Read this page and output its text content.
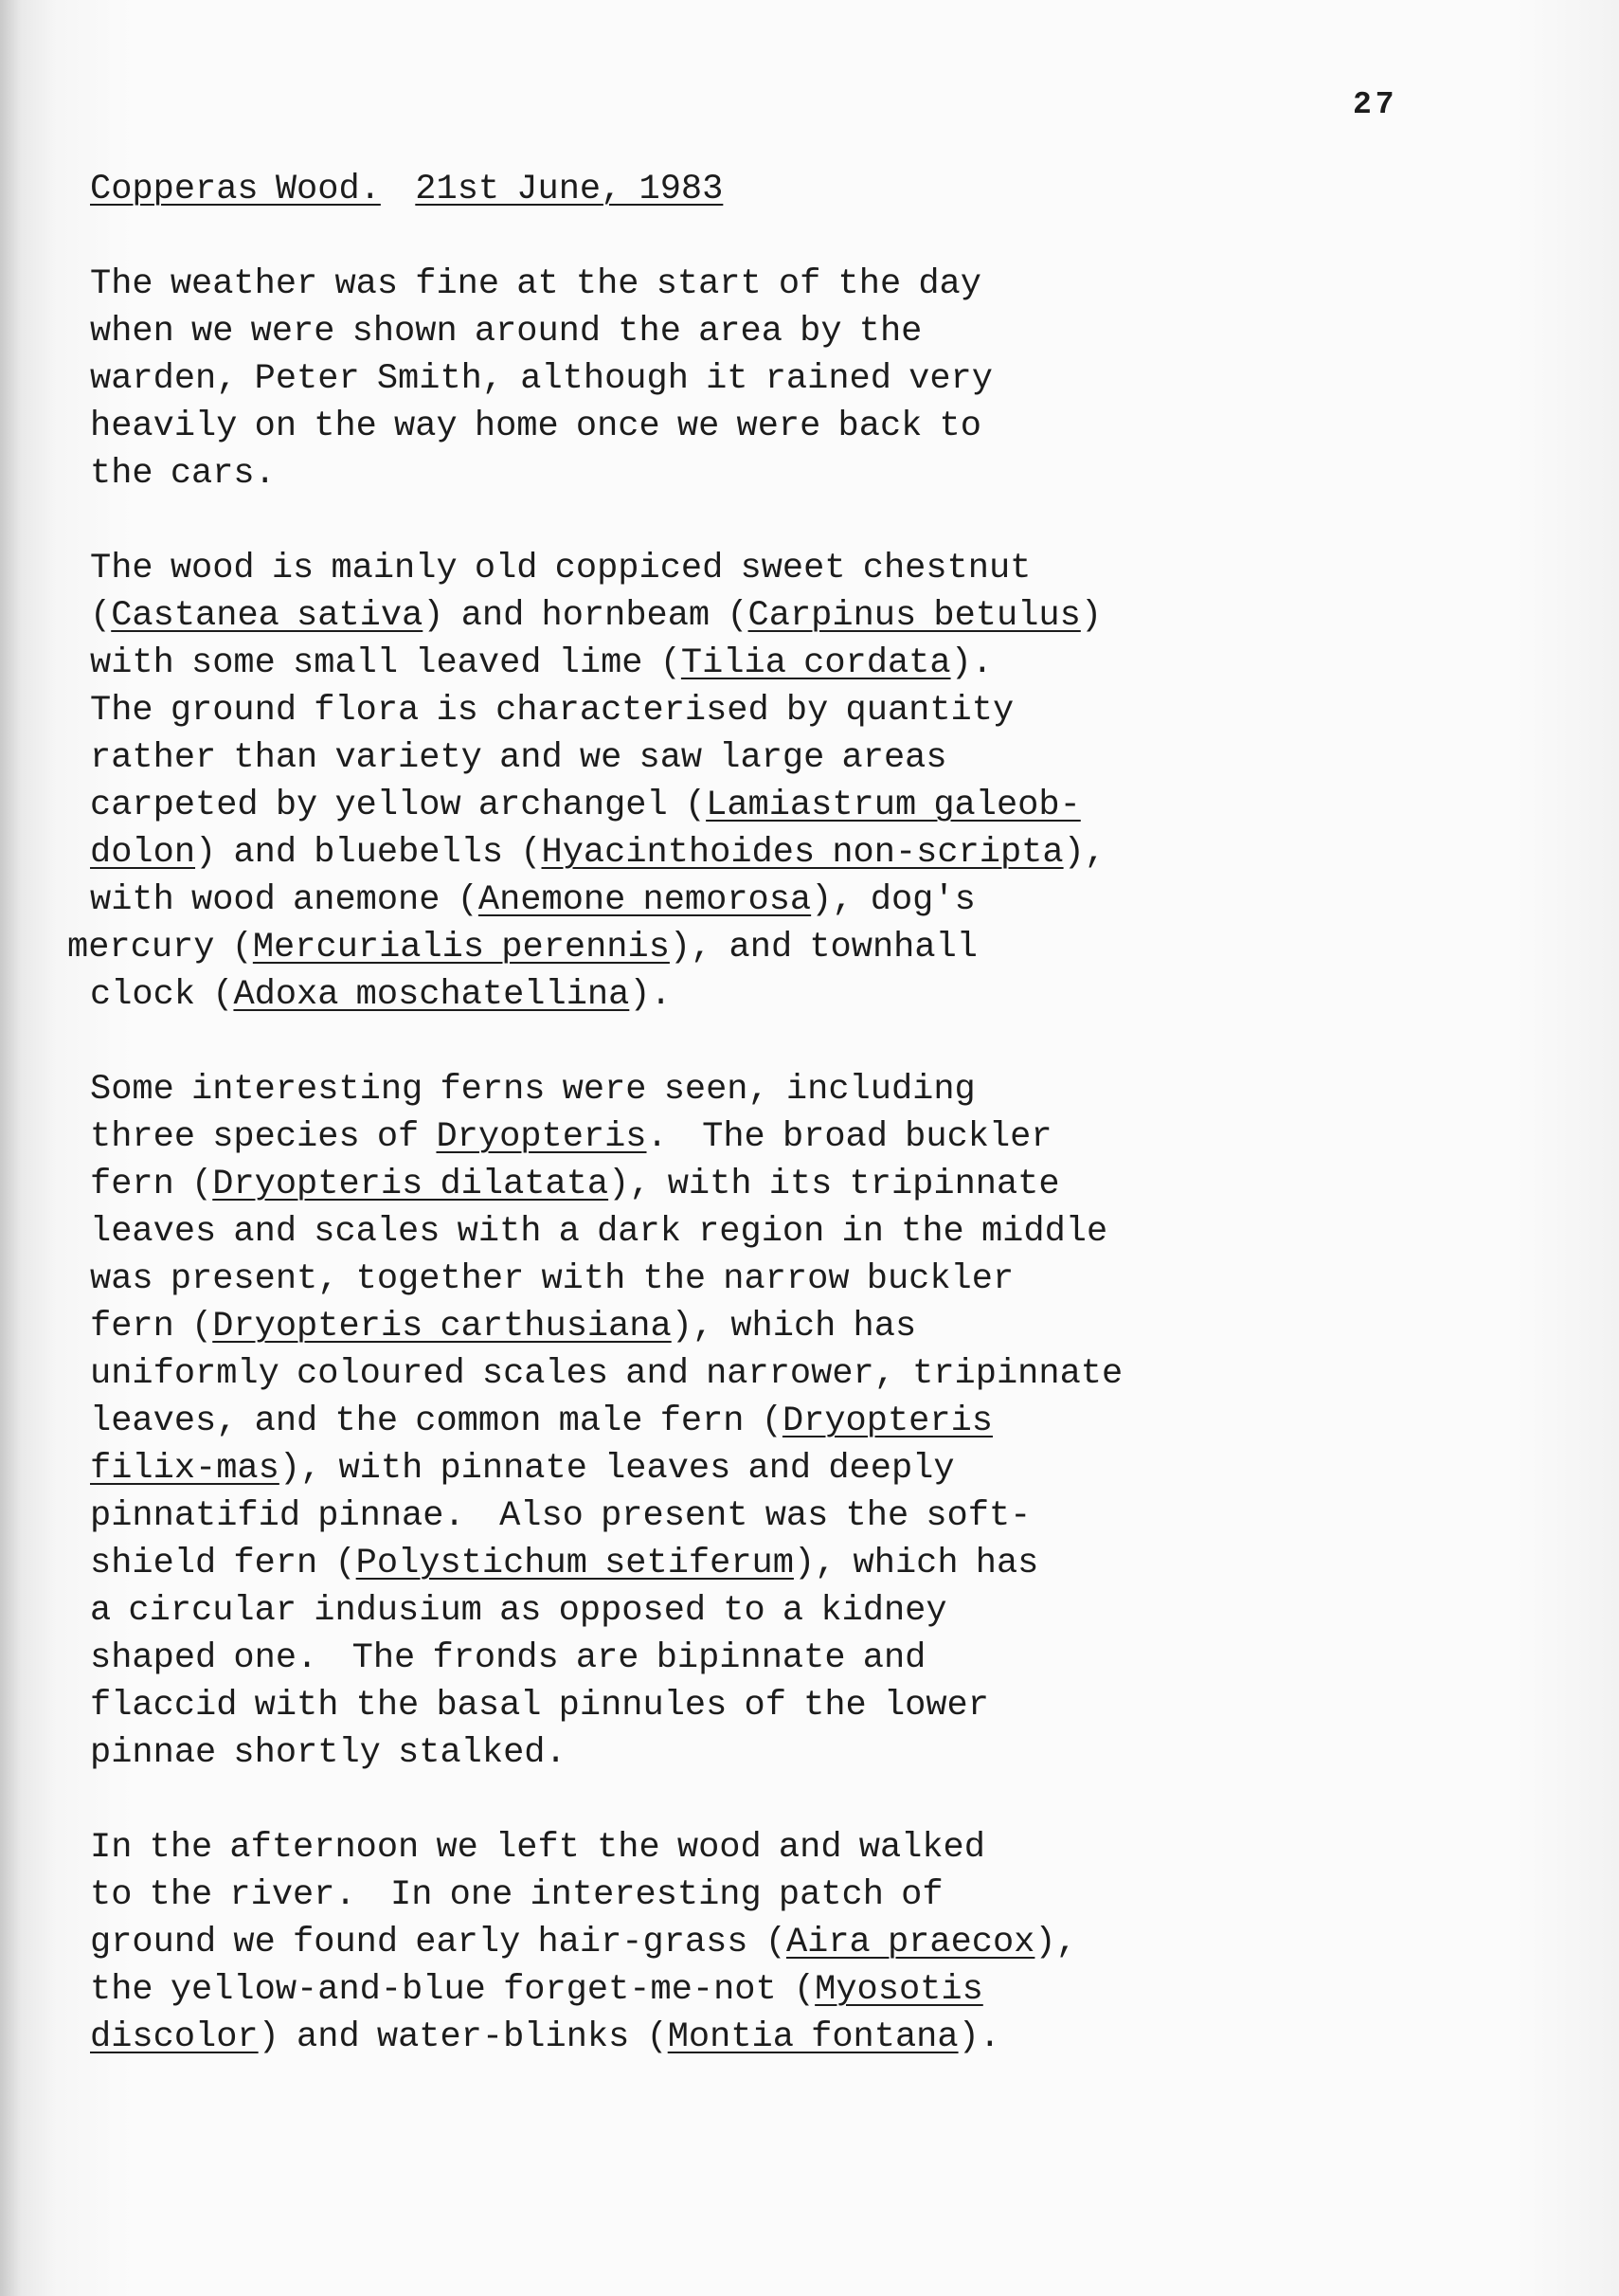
27
Copperas Wood. 21st June, 1983
The weather was fine at the start of the day
when we were shown around the area by the
warden, Peter Smith, although it rained very
heavily on the way home once we were back to
the cars.
The wood is mainly old coppiced sweet chestnut
(Castanea sativa) and hornbeam (Carpinus betulus)
with some small leaved lime (Tilia cordata).
The ground flora is characterised by quantity
rather than variety and we saw large areas
carpeted by yellow archangel (Lamiastrum galeob-
dolon) and bluebells (Hyacinthoides non-scripta),
with wood anemone (Anemone nemorosa), dog's
mercury (Mercurialis perennis), and townhall
clock (Adoxa moschatellina).
Some interesting ferns were seen, including
three species of Dryopteris.  The broad buckler
fern (Dryopteris dilatata), with its tripinnate
leaves and scales with a dark region in the middle
was present, together with the narrow buckler
fern (Dryopteris carthusiana), which has
uniformly coloured scales and narrower, tripinnate
leaves, and the common male fern (Dryopteris
filix-mas), with pinnate leaves and deeply
pinnatifid pinnae.  Also present was the soft-
shield fern (Polystichum setiferum), which has
a circular indusium as opposed to a kidney
shaped one.  The fronds are bipinnate and
flaccid with the basal pinnules of the lower
pinnae shortly stalked.
In the afternoon we left the wood and walked
to the river.  In one interesting patch of
ground we found early hair-grass (Aira praecox),
the yellow-and-blue forget-me-not (Myosotis
discolor) and water-blinks (Montia fontana).
